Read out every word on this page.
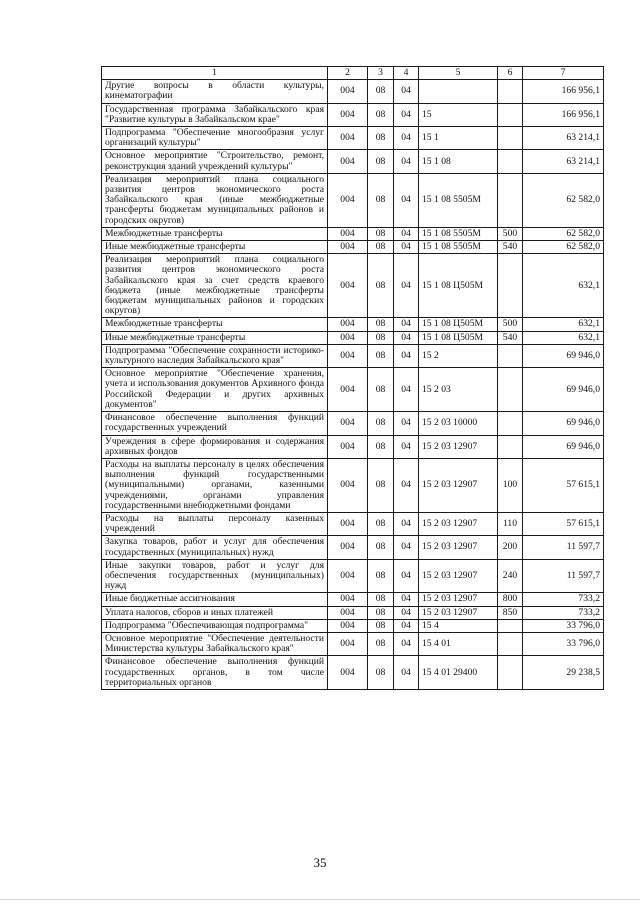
1	2	3	4	5	6	7
Другие вопросы в области культуры, кинематографии	004	08	04			166 956,1
Государственная программа Забайкальского края "Развитие культуры в Забайкальском крае"	004	08	04	15		166 956,1
Подпрограмма "Обеспечение многообразия услуг организаций культуры"	004	08	04	15 1		63 214,1
Основное мероприятие "Строительство, ремонт, реконструкция зданий учреждений культуры"	004	08	04	15 1 08		63 214,1
Реализация мероприятий плана социального развития центров экономического роста Забайкальского края (иные межбюджетные трансферты бюджетам муниципальных районов и городских округов)	004	08	04	15 1 08 5505М		62 582,0
Межбюджетные трансферты	004	08	04	15 1 08 5505М	500	62 582,0
Иные межбюджетные трансферты	004	08	04	15 1 08 5505М	540	62 582,0
Реализация мероприятий плана социального развития центров экономического роста Забайкальского края за счет средств краевого бюджета (иные межбюджетные трансферты бюджетам муниципальных районов и городских округов)	004	08	04	15 1 08 Ц505М		632,1
Межбюджетные трансферты	004	08	04	15 1 08 Ц505М	500	632,1
Иные межбюджетные трансферты	004	08	04	15 1 08 Ц505М	540	632,1
Подпрограмма "Обеспечение сохранности историко-культурного наследия Забайкальского края"	004	08	04	15 2		69 946,0
Основное мероприятие "Обеспечение хранения, учета и использования документов Архивного фонда Российской Федерации и других архивных документов"	004	08	04	15 2 03		69 946,0
Финансовое обеспечение выполнения функций государственных учреждений	004	08	04	15 2 03 10000		69 946,0
Учреждения в сфере формирования и содержания архивных фондов	004	08	04	15 2 03 12907		69 946,0
Расходы на выплаты персоналу в целях обеспечения выполнения функций государственными (муниципальными) органами, казенными учреждениями, органами управления государственными внебюджетными фондами	004	08	04	15 2 03 12907	100	57 615,1
Расходы на выплаты персоналу казенных учреждений	004	08	04	15 2 03 12907	110	57 615,1
Закупка товаров, работ и услуг для обеспечения государственных (муниципальных) нужд	004	08	04	15 2 03 12907	200	11 597,7
Иные закупки товаров, работ и услуг для обеспечения государственных (муниципальных) нужд	004	08	04	15 2 03 12907	240	11 597,7
Иные бюджетные ассигнования	004	08	04	15 2 03 12907	800	733,2
Уплата налогов, сборов и иных платежей	004	08	04	15 2 03 12907	850	733,2
Подпрограмма "Обеспечивающая подпрограмма"	004	08	04	15 4		33 796,0
Основное мероприятие "Обеспечение деятельности Министерства культуры Забайкальского края"	004	08	04	15 4 01		33 796,0
Финансовое обеспечение выполнения функций государственных органов, в том числе территориальных органов	004	08	04	15 4 01 29400		29 238,5
35
